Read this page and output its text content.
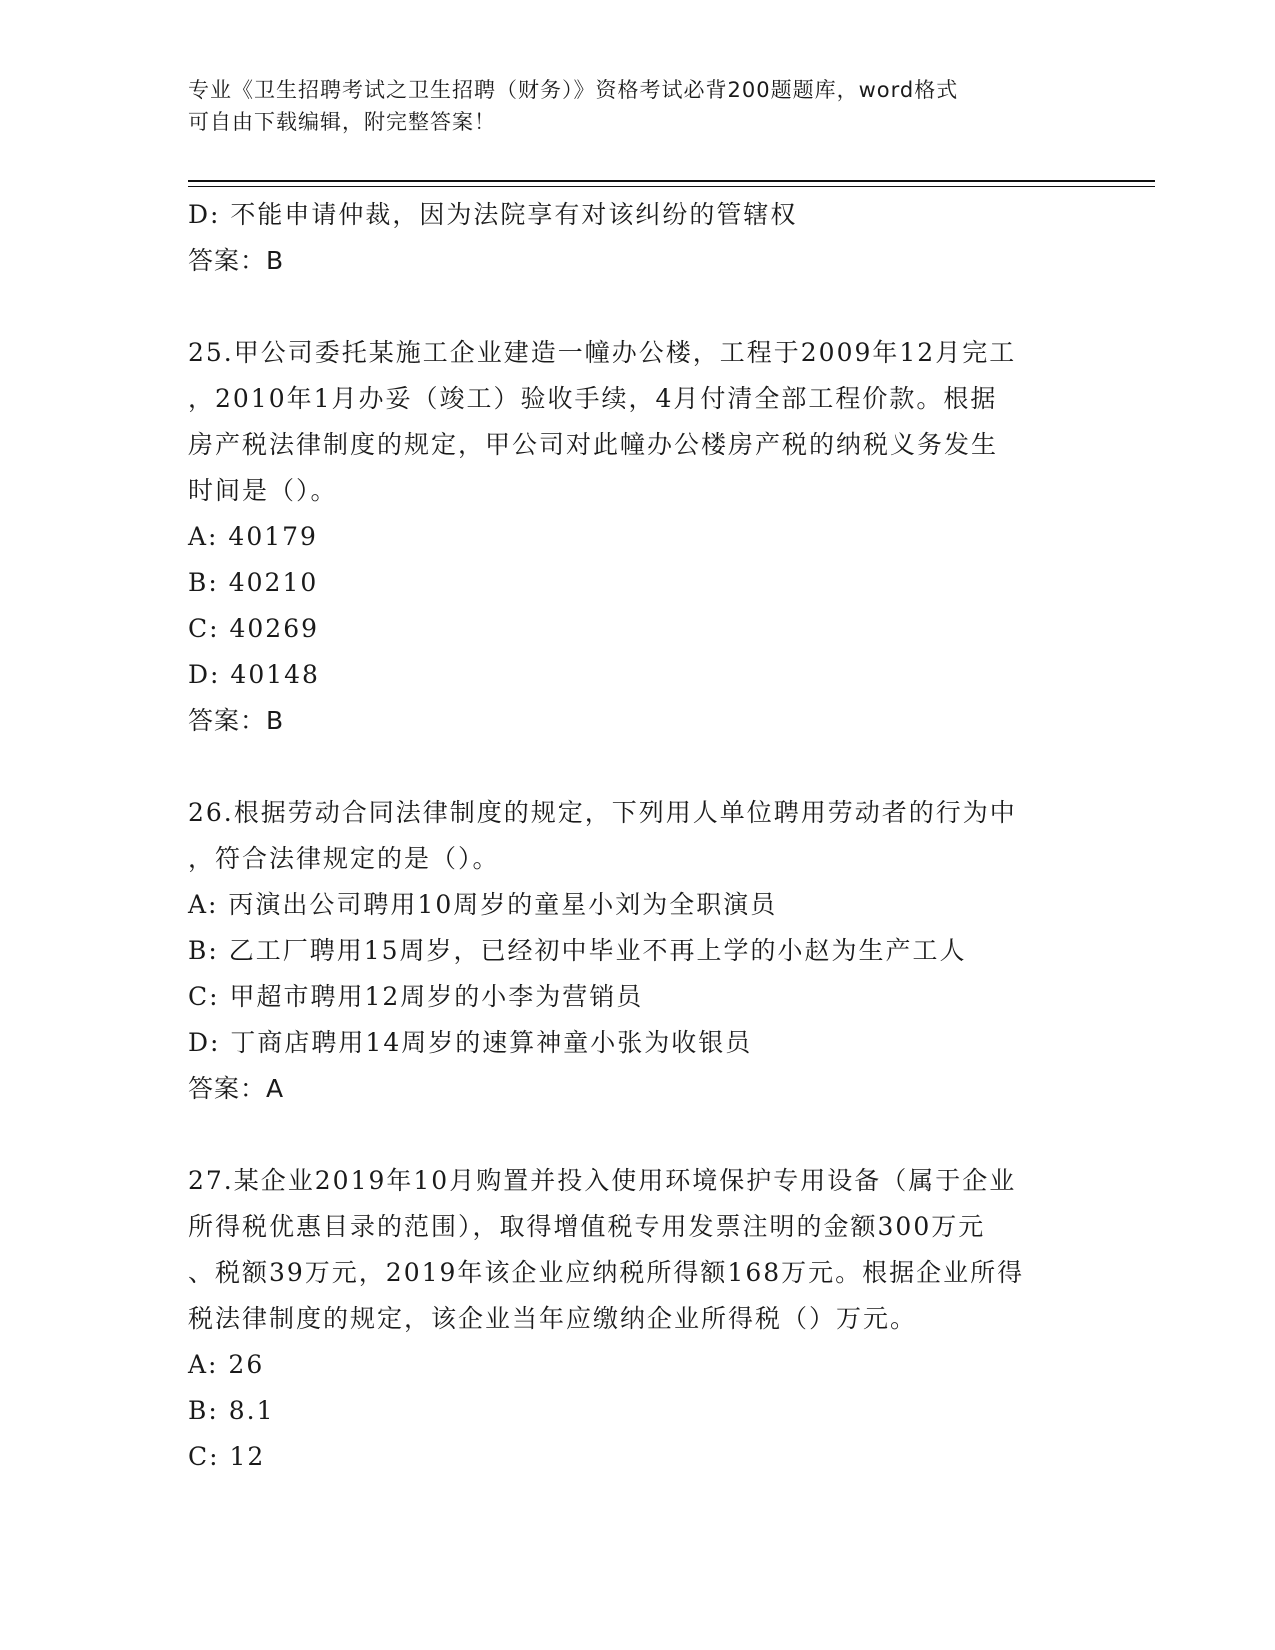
专业《卫生招聘考试之卫生招聘（财务）》资格考试必背200题题库，word格式
可自由下载编辑，附完整答案！
D: 不能申请仲裁，因为法院享有对该纠纷的管辖权
答案：B
25.甲公司委托某施工企业建造一幢办公楼，工程于2009年12月完工
，2010年1月办妥（竣工）验收手续，4月付清全部工程价款。根据
房产税法律制度的规定，甲公司对此幢办公楼房产税的纳税义务发生
时间是（）。
A: 40179
B: 40210
C: 40269
D: 40148
答案：B
26.根据劳动合同法律制度的规定，下列用人单位聘用劳动者的行为中
，符合法律规定的是（）。
A: 丙演出公司聘用10周岁的童星小刘为全职演员
B: 乙工厂聘用15周岁，已经初中毕业不再上学的小赵为生产工人
C: 甲超市聘用12周岁的小李为营销员
D: 丁商店聘用14周岁的速算神童小张为收银员
答案：A
27.某企业2019年10月购置并投入使用环境保护专用设备（属于企业
所得税优惠目录的范围），取得增值税专用发票注明的金额300万元
、税额39万元，2019年该企业应纳税所得额168万元。根据企业所得
税法律制度的规定，该企业当年应缴纳企业所得税（）万元。
A: 26
B: 8.1
C: 12
